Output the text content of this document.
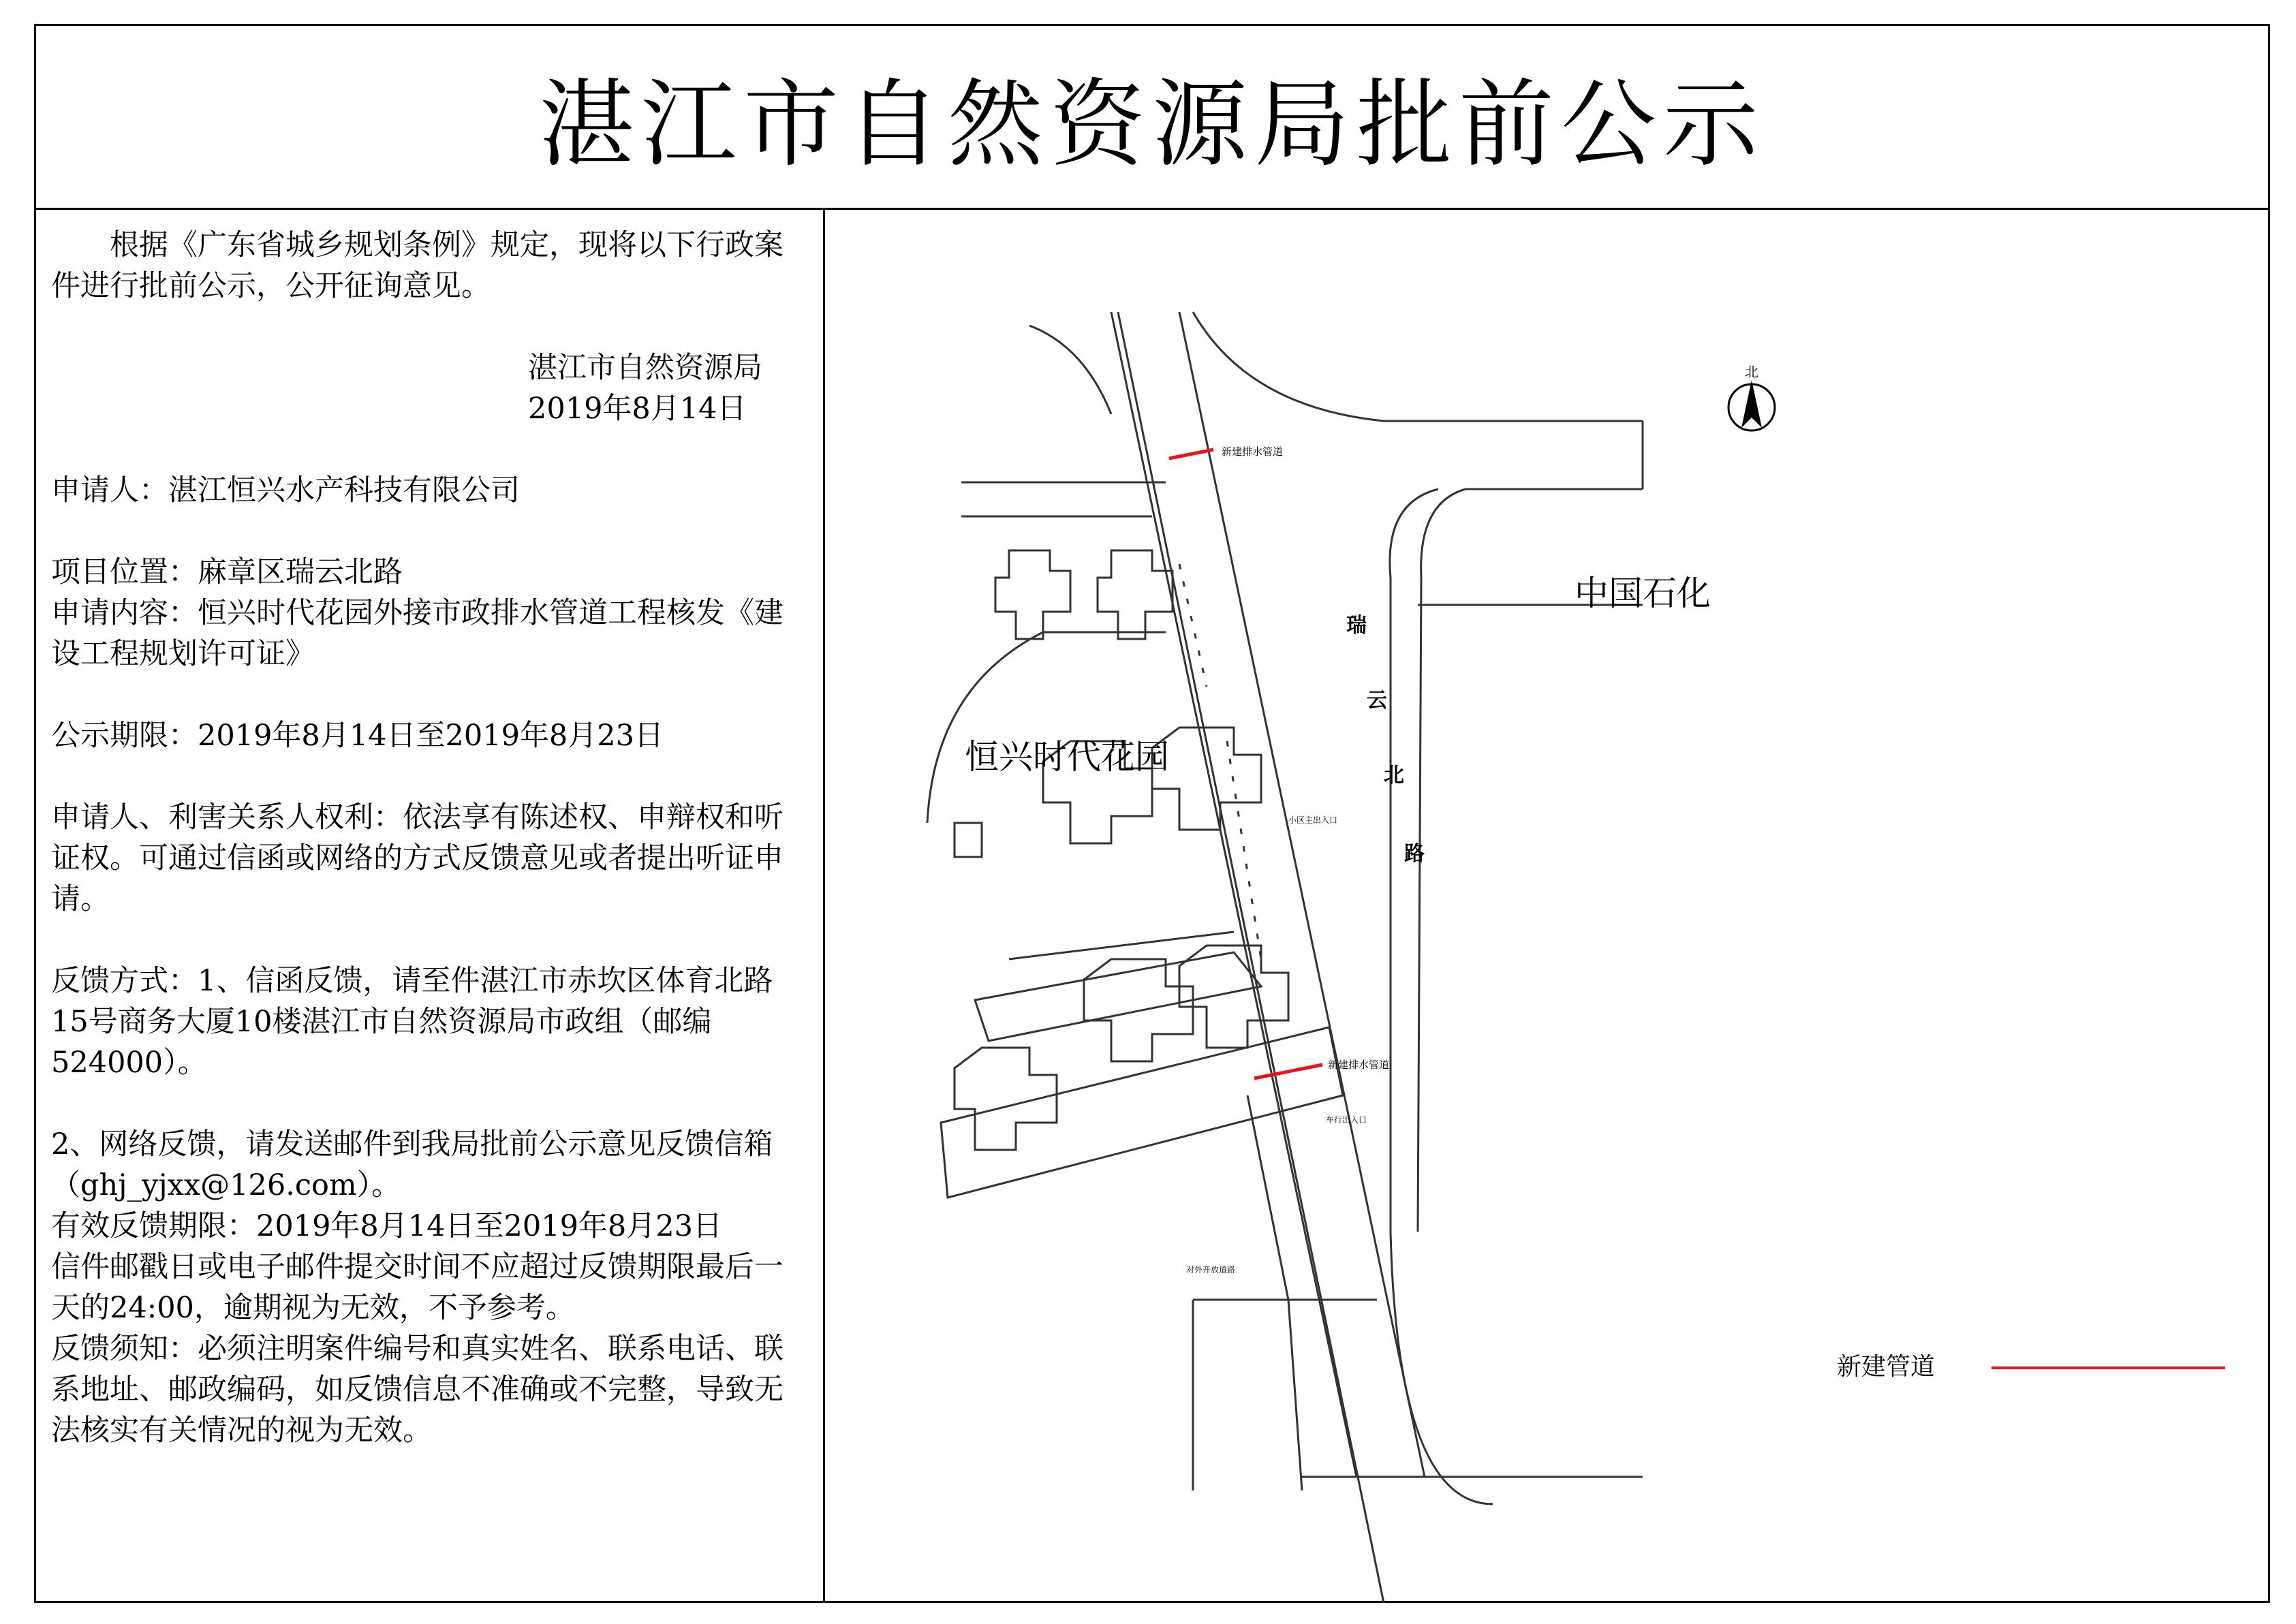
湛江市自然资源局批前公示

根据《广东省城乡规划条例》规定，现将以下行政案件进行批前公示，公开征询意见。

湛江市自然资源局

2019年8月14日

申请人：湛江恒兴水产科技有限公司

项目位置：麻章区瑞云北路

申请内容：恒兴时代花园外接市政排水管道工程核发《建设工程规划许可证》

公示期限：2019年8月14日至2019年8月23日

申请人、利害关系人权利：依法享有陈述权、申辩权和听证权。可通过信函或网络的方式反馈意见或者提出听证申请。

反馈方式：1、信函反馈，请至件湛江市赤坎区体育北路15号商务大厦10楼湛江市自然资源局市政组（邮编524000）。

2、网络反馈，请发送邮件到我局批前公示意见反馈信箱（ghj_yjxx@126.com）。

有效反馈期限：2019年8月14日至2019年8月23日

信件邮戳日或电子邮件提交时间不应超过反馈期限最后一天的24:00，逾期视为无效，不予参考。

反馈须知：必须注明案件编号和真实姓名、联系电话、联系地址、邮政编码，如反馈信息不准确或不完整，导致无法核实有关情况的视为无效。

北
中国石化
恒兴时代花园
瑞
云
北
路
新建排水管道
新建排水管道
小区主出入口
车行出入口
对外开放道路
新建管道
